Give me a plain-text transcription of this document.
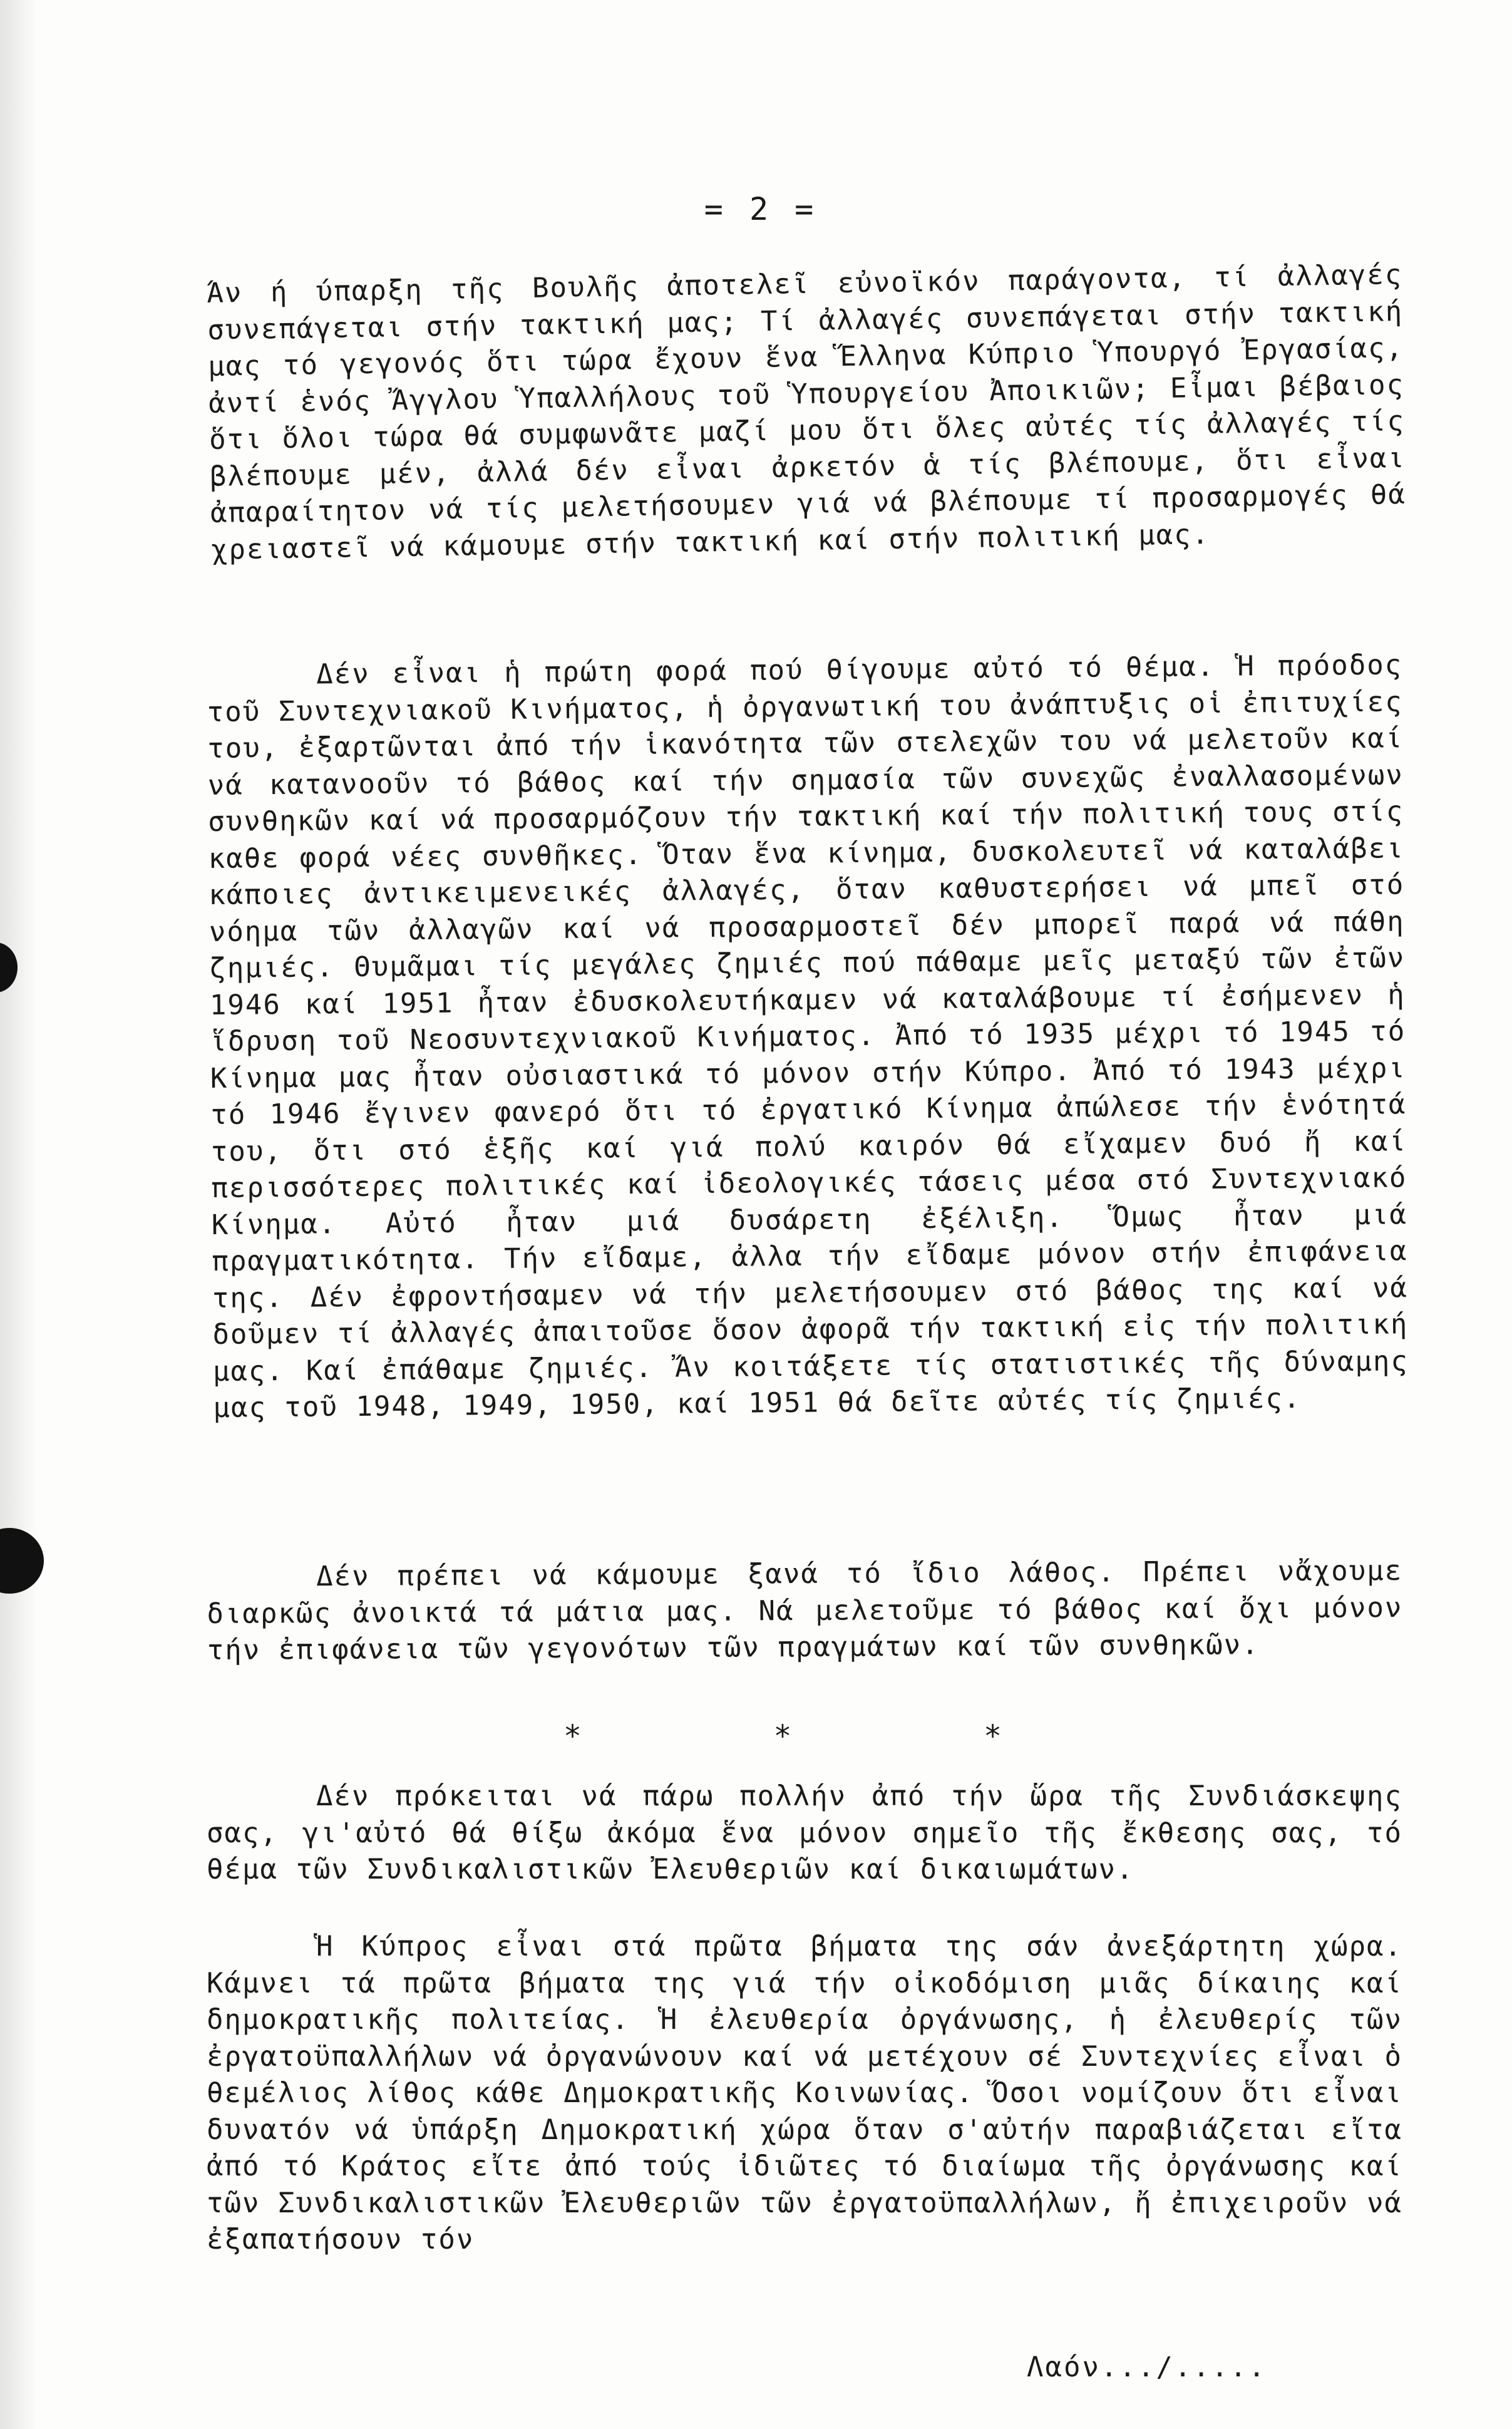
= 2 =

Άν ή ύπαρξη τῆς Βουλῆς ἀποτελεῖ εὐνοϊκόν παράγοντα, τί ἀλλαγές συνεπάγεται στήν τακτική μας; Τί ἀλλαγές συνεπάγεται στήν τακτική μας τό γεγονός ὅτι τώρα ἔχουν ἕνα Ἕλληνα Κύπριο Ὑπουργό Ἐργασίας, ἀντί ἑνός Ἄγγλου Ὑπαλλήλους τοῦ Ὑπουργείου Ἀποικιῶν; Εἶμαι βέβαιος ὅτι ὅλοι τώρα θά συμφωνᾶτε μαζί μου ὅτι ὅλες αὐτές τίς ἀλλαγές τίς βλέπουμε μέν, ἀλλά δέν εἶναι ἀρκετόν ἁ τίς βλέπουμε, ὅτι εἶναι ἀπαραίτητον νά τίς μελετήσουμεν γιά νά βλέπουμε τί προσαρμογές θά χρειαστεῖ νά κάμουμε στήν τακτική καί στήν πολιτική μας.

Δέν εἶναι ἡ πρώτη φορά πού θίγουμε αὐτό τό θέμα. Ἡ πρόοδος τοῦ Συντεχνιακοῦ Κινήματος, ἡ ὀργανωτική του ἀνάπτυξις οἱ ἐπιτυχίες του, ἐξαρτῶνται ἀπό τήν ἱκανότητα τῶν στελεχῶν του νά μελετοῦν καί νά κατανοοῦν τό βάθος καί τήν σημασία τῶν συνεχῶς ἐναλλασομένων συνθηκῶν καί νά προσαρμόζουν τήν τακτική καί τήν πολιτική τους στίς καθε φορά νέες συνθῆκες. Ὅταν ἕνα κίνημα, δυσκολευτεῖ νά καταλάβει κάποιες ἀντικειμενεικές ἀλλαγές, ὅταν καθυστερήσει νά μπεῖ στό νόημα τῶν ἀλλαγῶν καί νά προσαρμοστεῖ δέν μπορεῖ παρά νά πάθη ζημιές. Θυμᾶμαι τίς μεγάλες ζημιές πού πάθαμε μεῖς μεταξύ τῶν ἐτῶν 1946 καί 1951 ἦταν ἐδυσκολευτήκαμεν νά καταλάβουμε τί ἐσήμενεν ἡ ἵδρυση τοῦ Νεοσυντεχνιακοῦ Κινήματος. Ἀπό τό 1935 μέχρι τό 1945 τό Κίνημα μας ἦταν οὐσιαστικά τό μόνον στήν Κύπρο. Ἀπό τό 1943 μέχρι τό 1946 ἔγινεν φανερό ὅτι τό ἐργατικό Κίνημα ἀπώλεσε τήν ἑνότητά του, ὅτι στό ἑξῆς καί γιά πολύ καιρόν θά εἴχαμεν δυό ἤ καί περισσότερες πολιτικές καί ἰδεολογικές τάσεις μέσα στό Συντεχνιακό Κίνημα. Αὐτό ἦταν μιά δυσάρετη ἐξέλιξη. Ὅμως ἦταν μιά πραγματικότητα. Τήν εἴδαμε, ἀλλα τήν εἴδαμε μόνον στήν ἐπιφάνεια της. Δέν ἐφροντήσαμεν νά τήν μελετήσουμεν στό βάθος της καί νά δοῦμεν τί ἀλλαγές ἀπαιτοῦσε ὅσον ἀφορᾶ τήν τακτική εἰς τήν πολιτική μας. Καί ἐπάθαμε ζημιές. Ἄν κοιτάξετε τίς στατιστικές τῆς δύναμης μας τοῦ 1948, 1949, 1950, καί 1951 θά δεῖτε αὐτές τίς ζημιές.

Δέν πρέπει νά κάμουμε ξανά τό ἴδιο λάθος. Πρέπει νἄχουμε διαρκῶς ἀνοικτά τά μάτια μας. Νά μελετοῦμε τό βάθος καί ὄχι μόνον τήν ἐπιφάνεια τῶν γεγονότων τῶν πραγμάτων καί τῶν συνθηκῶν.

*	*	*

Δέν πρόκειται νά πάρω πολλήν ἀπό τήν ὥρα τῆς Συνδιάσκεψης σας, γι'αὐτό θά θίξω ἀκόμα ἕνα μόνον σημεῖο τῆς ἔκθεσης σας, τό θέμα τῶν Συνδικαλιστικῶν Ἐλευθεριῶν καί δικαιωμάτων.

Ἡ Κύπρος εἶναι στά πρῶτα βήματα της σάν ἀνεξάρτητη χώρα. Κάμνει τά πρῶτα βήματα της γιά τήν οἰκοδόμιση μιᾶς δίκαιης καί δημοκρατικῆς πολιτείας. Ἡ ἐλευθερία ὀργάνωσης, ἡ ἐλευθερίς τῶν ἐργατοϋπαλλήλων νά ὀργανώνουν καί νά μετέχουν σέ Συντεχνίες εἶναι ὁ θεμέλιος λίθος κάθε Δημοκρατικῆς Κοινωνίας. Ὅσοι νομίζουν ὅτι εἶναι δυνατόν νά ὑπάρξη Δημοκρατική χώρα ὅταν σ'αὐτήν παραβιάζεται εἴτα ἀπό τό Κράτος εἴτε ἀπό τούς ἰδιῶτες τό διαίωμα τῆς ὀργάνωσης καί τῶν Συνδικαλιστικῶν Ἐλευθεριῶν τῶν ἐργατοϋπαλλήλων, ἤ ἐπιχειροῦν νά ἐξαπατήσουν τόν

Λαόν.../.....
